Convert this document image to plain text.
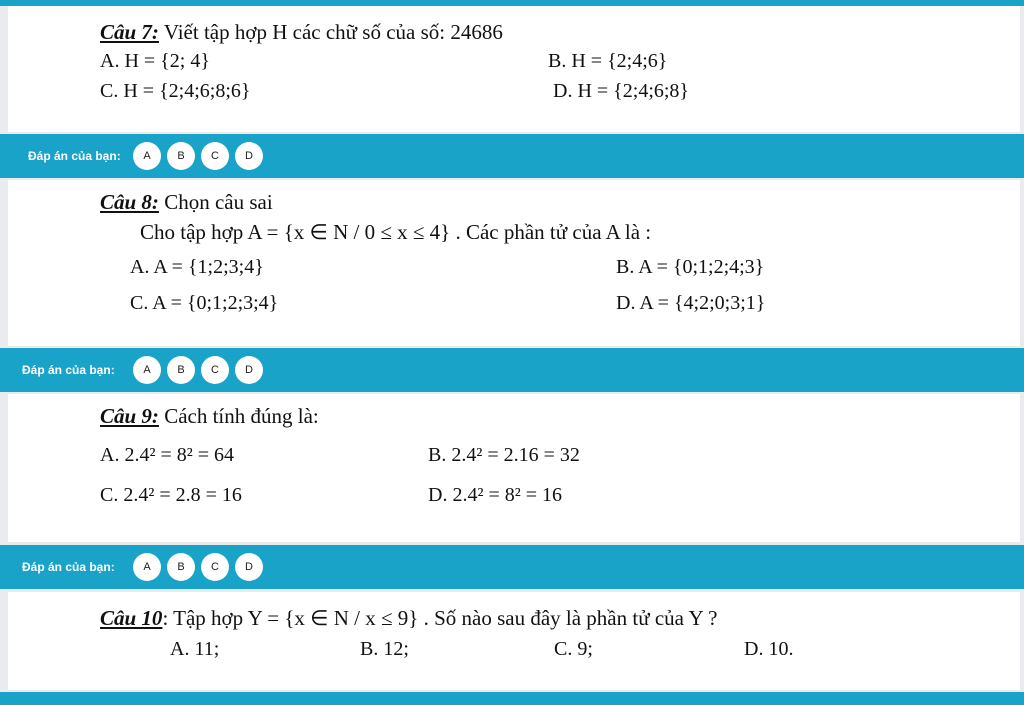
Câu 7: Viết tập hợp H các chữ số của số: 24686
A. H = {2; 4}	B. H = {2;4;6}
C. H = {2;4;6;8;6}	D. H = {2;4;6;8}
Đáp án của bạn:	A	B	C	D
Câu 8: Chọn câu sai
Cho tập hợp A = {x ∈ N / 0 ≤ x ≤ 4} . Các phần tử của A là :
A. A = {1;2;3;4}	B. A = {0;1;2;4;3}
C. A = {0;1;2;3;4}	D. A = {4;2;0;3;1}
Đáp án của bạn:	A	B	C	D
Câu 9: Cách tính đúng là:
A. 2.4² = 8² = 64	B. 2.4² = 2.16 = 32
C. 2.4² = 2.8 = 16	D. 2.4² = 8² = 16
Đáp án của bạn:	A	B	C	D
Câu 10: Tập hợp Y = {x ∈ N / x ≤ 9} . Số nào sau đây là phần tử của Y ?
A. 11;	B. 12;	C. 9;	D. 10.
